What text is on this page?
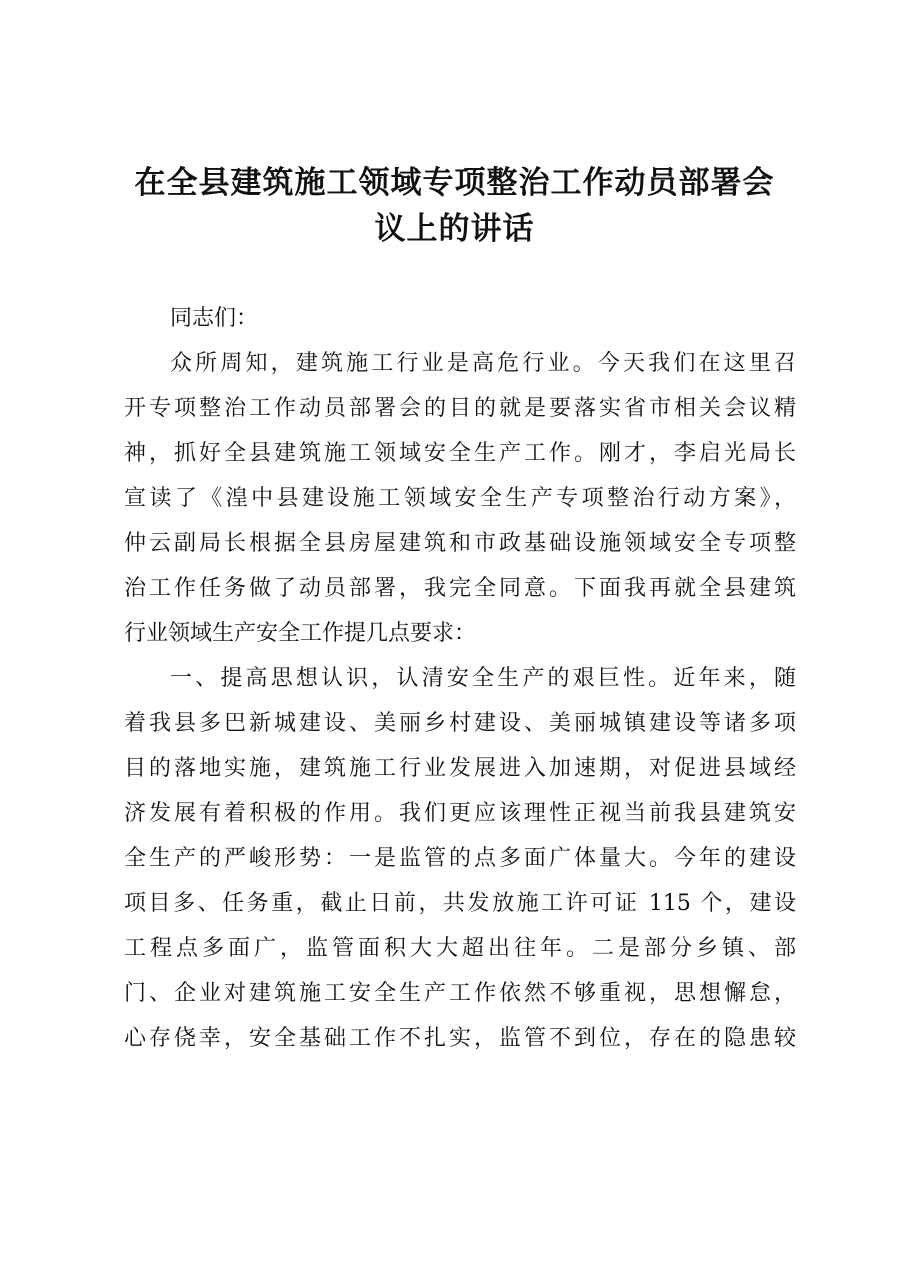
在全县建筑施工领域专项整治工作动员部署会
议上的讲话
同志们：
众所周知，建筑施工行业是高危行业。今天我们在这里召
开专项整治工作动员部署会的目的就是要落实省市相关会议精
神，抓好全县建筑施工领域安全生产工作。刚才，李启光局长
宣读了《湟中县建设施工领域安全生产专项整治行动方案》，
仲云副局长根据全县房屋建筑和市政基础设施领域安全专项整
治工作任务做了动员部署，我完全同意。下面我再就全县建筑
行业领域生产安全工作提几点要求：
一、提高思想认识，认清安全生产的艰巨性。近年来，随
着我县多巴新城建设、美丽乡村建设、美丽城镇建设等诸多项
目的落地实施，建筑施工行业发展进入加速期，对促进县域经
济发展有着积极的作用。我们更应该理性正视当前我县建筑安
全生产的严峻形势：一是监管的点多面广体量大。今年的建设
项目多、任务重，截止日前，共发放施工许可证 115 个，建设
工程点多面广，监管面积大大超出往年。二是部分乡镇、部
门、企业对建筑施工安全生产工作依然不够重视，思想懈怠，
心存侥幸，安全基础工作不扎实，监管不到位，存在的隐患较
